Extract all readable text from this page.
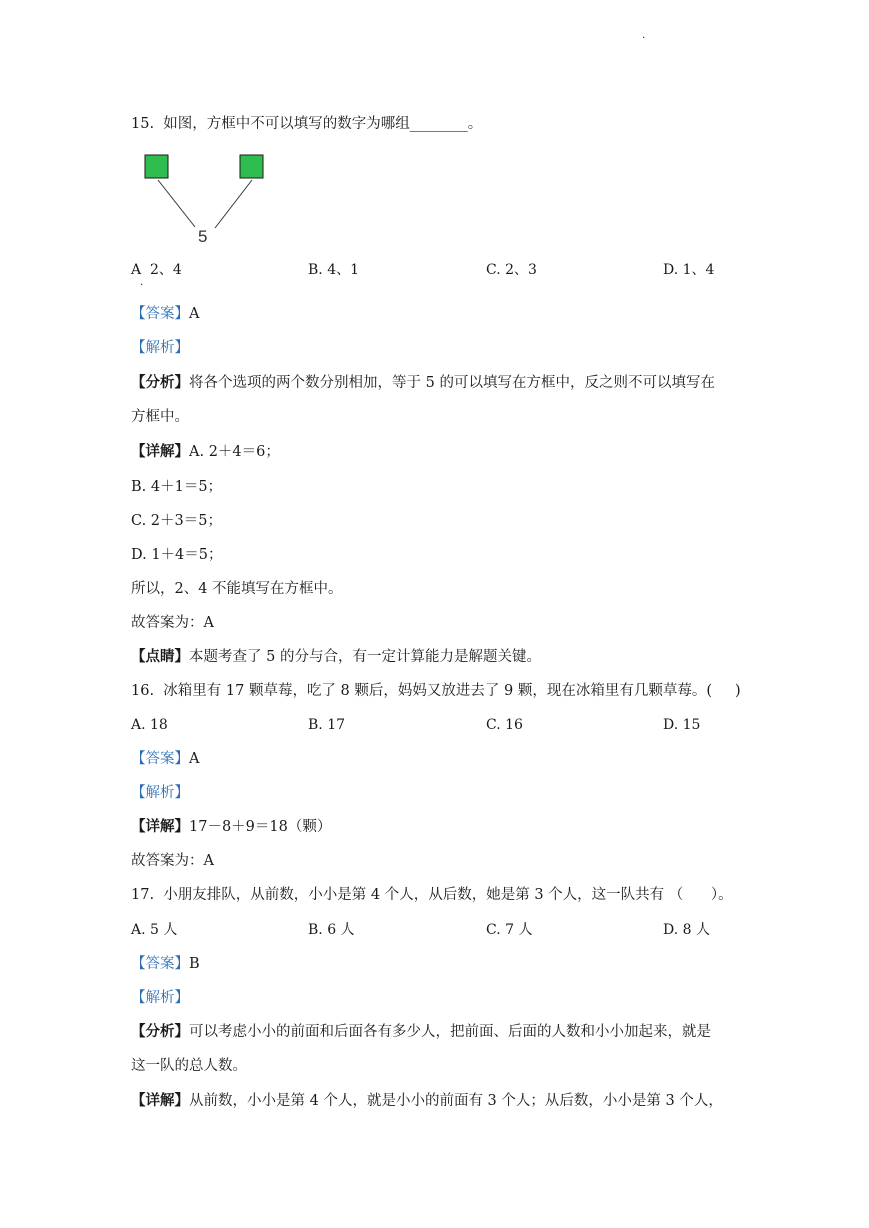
·
15.  如图，方框中不可以填写的数字为哪组________。
5
A  2、4	B. 4、1	C. 2、3	D. 1、4
·
【答案】A
【解析】
【分析】将各个选项的两个数分别相加，等于 5 的可以填写在方框中，反之则不可以填写在
方框中。
【详解】A. 2＋4＝6；
B. 4＋1＝5；
C. 2＋3＝5；
D. 1＋4＝5；
所以，2、4 不能填写在方框中。
故答案为：A
【点睛】本题考查了 5 的分与合，有一定计算能力是解题关键。
16.  冰箱里有 17 颗草莓，吃了 8 颗后，妈妈又放进去了 9 颗，现在冰箱里有几颗草莓。(     )
A. 18	B. 17	C. 16	D. 15
【答案】A
【解析】
【详解】17－8＋9＝18（颗）
故答案为：A
17.  小朋友排队，从前数，小小是第 4 个人，从后数，她是第 3 个人，这一队共有 （      ）。
A. 5 人	B. 6 人	C. 7 人	D. 8 人
【答案】B
【解析】
【分析】可以考虑小小的前面和后面各有多少人，把前面、后面的人数和小小加起来，就是
这一队的总人数。
【详解】从前数，小小是第 4 个人，就是小小的前面有 3 个人；从后数，小小是第 3 个人，
